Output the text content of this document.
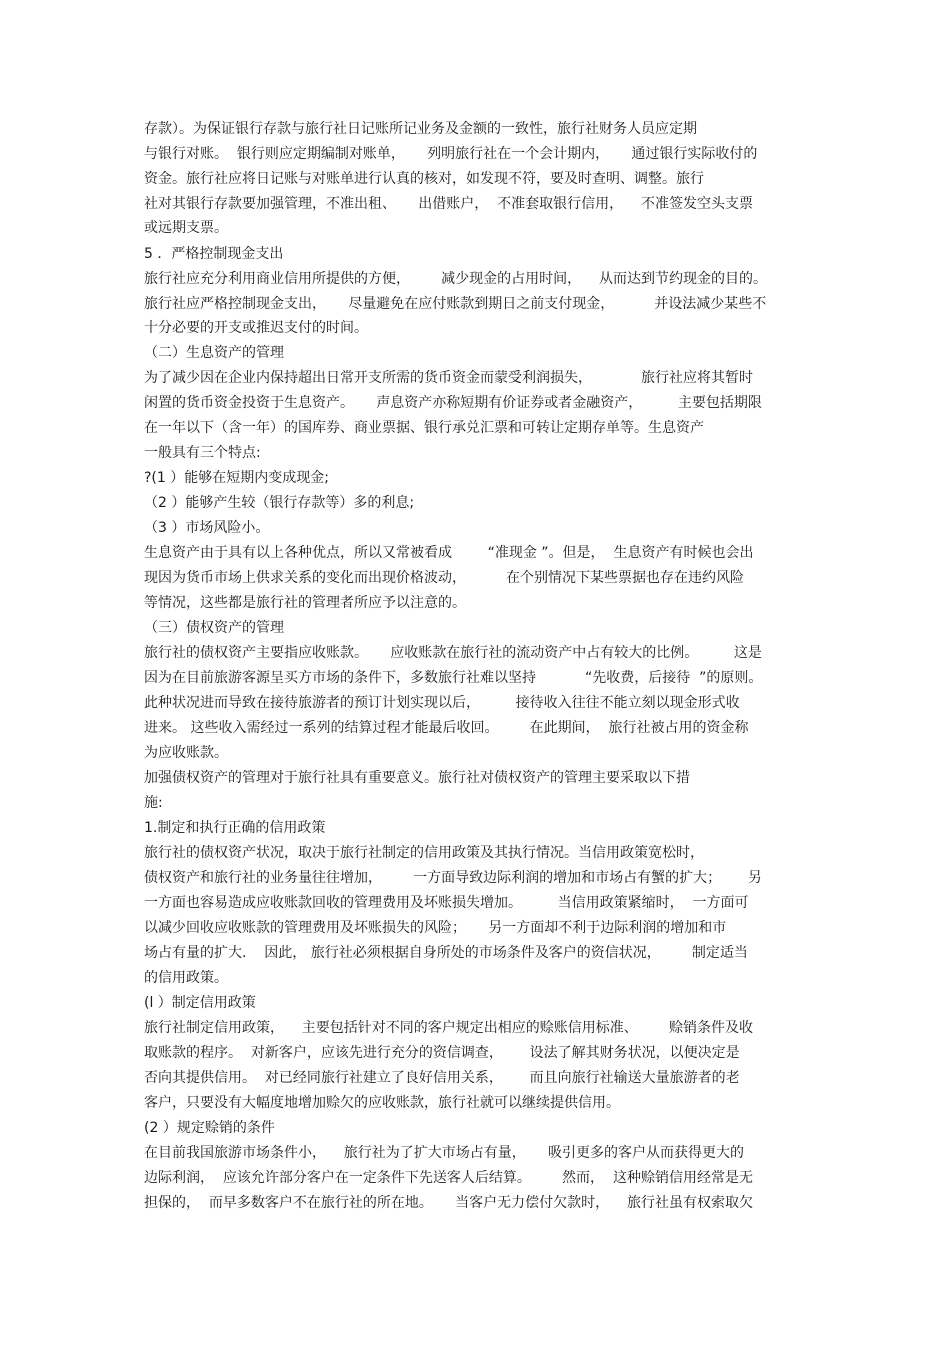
存款）。为保证银行存款与旅行社日记账所记业务及金额的一致性，旅行社财务人员应定期
与银行对账。  银行则应定期编制对账单，     列明旅行社在一个会计期内，     通过银行实际收付的
资金。旅行社应将日记账与对账单进行认真的核对，如发现不符，要及时查明、调整。旅行
社对其银行存款要加强管理，不准出租、     出借账户，  不准套取银行信用，    不准签发空头支票
或远期支票。
5 ．严格控制现金支出
旅行社应充分利用商业信用所提供的方便，       减少现金的占用时间，    从而达到节约现金的目的。
旅行社应严格控制现金支出，     尽量避免在应付账款到期日之前支付现金，         并设法减少某些不
十分必要的开支或推迟支付的时间。
（二）生息资产的管理
为了减少因在企业内保持超出日常开支所需的货币资金而蒙受利润损失，           旅行社应将其暂时
闲置的货币资金投资于生息资产。     声息资产亦称短期有价证券或者金融资产，        主要包括期限
在一年以下（含一年）的国库券、商业票据、银行承兑汇票和可转让定期存单等。生息资产
一般具有三个特点:
?(1 ）能够在短期内变成现金;
（2 ）能够产生较（银行存款等）多的利息;
（3 ）市场风险小。
生息资产由于具有以上各种优点，所以又常被看成        “准现金 ”。但是，  生息资产有时候也会出
现因为货币市场上供求关系的变化而出现价格波动，         在个别情况下某些票据也存在违约风险
等情况，这些都是旅行社的管理者所应予以注意的。
（三）债权资产的管理
旅行社的债权资产主要指应收账款。     应收账款在旅行社的流动资产中占有较大的比例。        这是
因为在目前旅游客源呈买方市场的条件下，多数旅行社难以坚持           “先收费，后接待  ”的原则。
此种状况进而导致在接待旅游者的预订计划实现以后，        接待收入往往不能立刻以现金形式收
进来。 这些收入需经过一系列的结算过程才能最后收回。       在此期间，  旅行社被占用的资金称
为应收账款。
加强债权资产的管理对于旅行社具有重要意义。旅行社对债权资产的管理主要采取以下措
施:
1.制定和执行正确的信用政策
旅行社的债权资产状况，取决于旅行社制定的信用政策及其执行情况。当信用政策宽松时，
债权资产和旅行社的业务量往往增加，       一方面导致边际利润的增加和市场占有蟹的扩大；      另
一方面也容易造成应收账款回收的管理费用及坏账损失增加。        当信用政策紧缩时，  一方面可
以减少回收应收账款的管理费用及坏账损失的风险；     另一方面却不利于边际利润的增加和市
场占有量的扩大.    因此， 旅行社必须根据自身所处的市场条件及客户的资信状况，       制定适当
的信用政策。
(l ）制定信用政策
旅行社制定信用政策，    主要包括针对不同的客户规定出相应的赊账信用标准、       赊销条件及收
取账款的程序。  对新客户，应该先进行充分的资信调查，      设法了解其财务状况，以便决定是
否向其提供信用。  对已经同旅行社建立了良好信用关系，      而且向旅行社输送大量旅游者的老
客户，只要没有大幅度地增加赊欠的应收账款，旅行社就可以继续提供信用。
(2 ）规定赊销的条件
在目前我国旅游市场条件小，    旅行社为了扩大市场占有量，     吸引更多的客户从而获得更大的
边际利润，  应该允许部分客户在一定条件下先送客人后结算。       然而，  这种赊销信用经常是无
担保的，  而早多数客户不在旅行社的所在地。     当客户无力偿付欠款时，    旅行社虽有权索取欠
